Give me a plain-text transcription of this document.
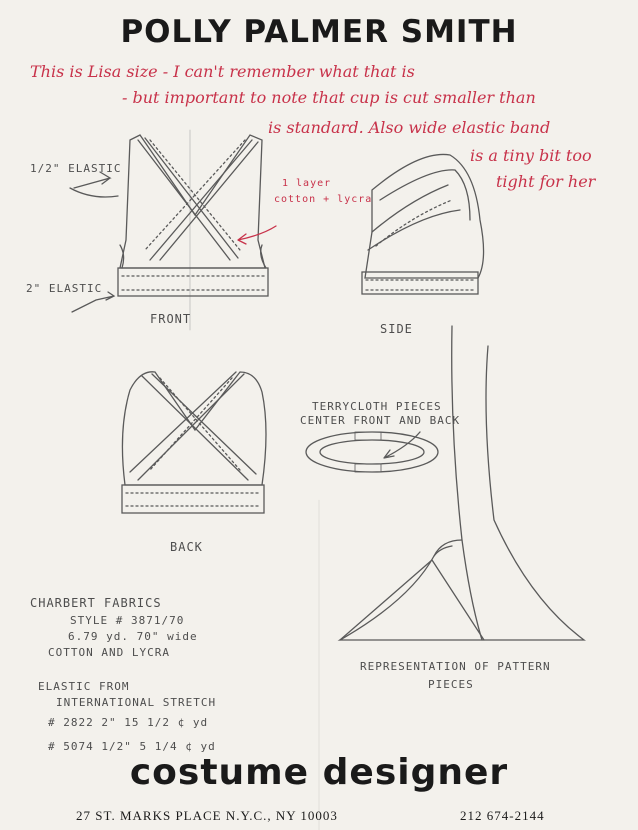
POLLY PALMER SMITH
This is Lisa size - I can't remember what that is
- but important to note that cup is cut smaller than
is standard. Also wide elastic band
is a tiny bit too
tight for her
1/2" ELASTIC
2" ELASTIC
1 layer
cotton + lycra
FRONT
SIDE
BACK
TERRYCLOTH PIECES
CENTER FRONT AND BACK
REPRESENTATION OF PATTERN
PIECES
CHARBERT FABRICS
STYLE # 3871/70
6.79 yd. 70" wide
COTTON AND LYCRA
ELASTIC FROM
INTERNATIONAL STRETCH
# 2822 2" 15 1/2 ¢ yd
# 5074 1/2" 5 1/4 ¢ yd
costume designer
27 ST. MARKS PLACE N.Y.C., NY 10003	212 674-2144
